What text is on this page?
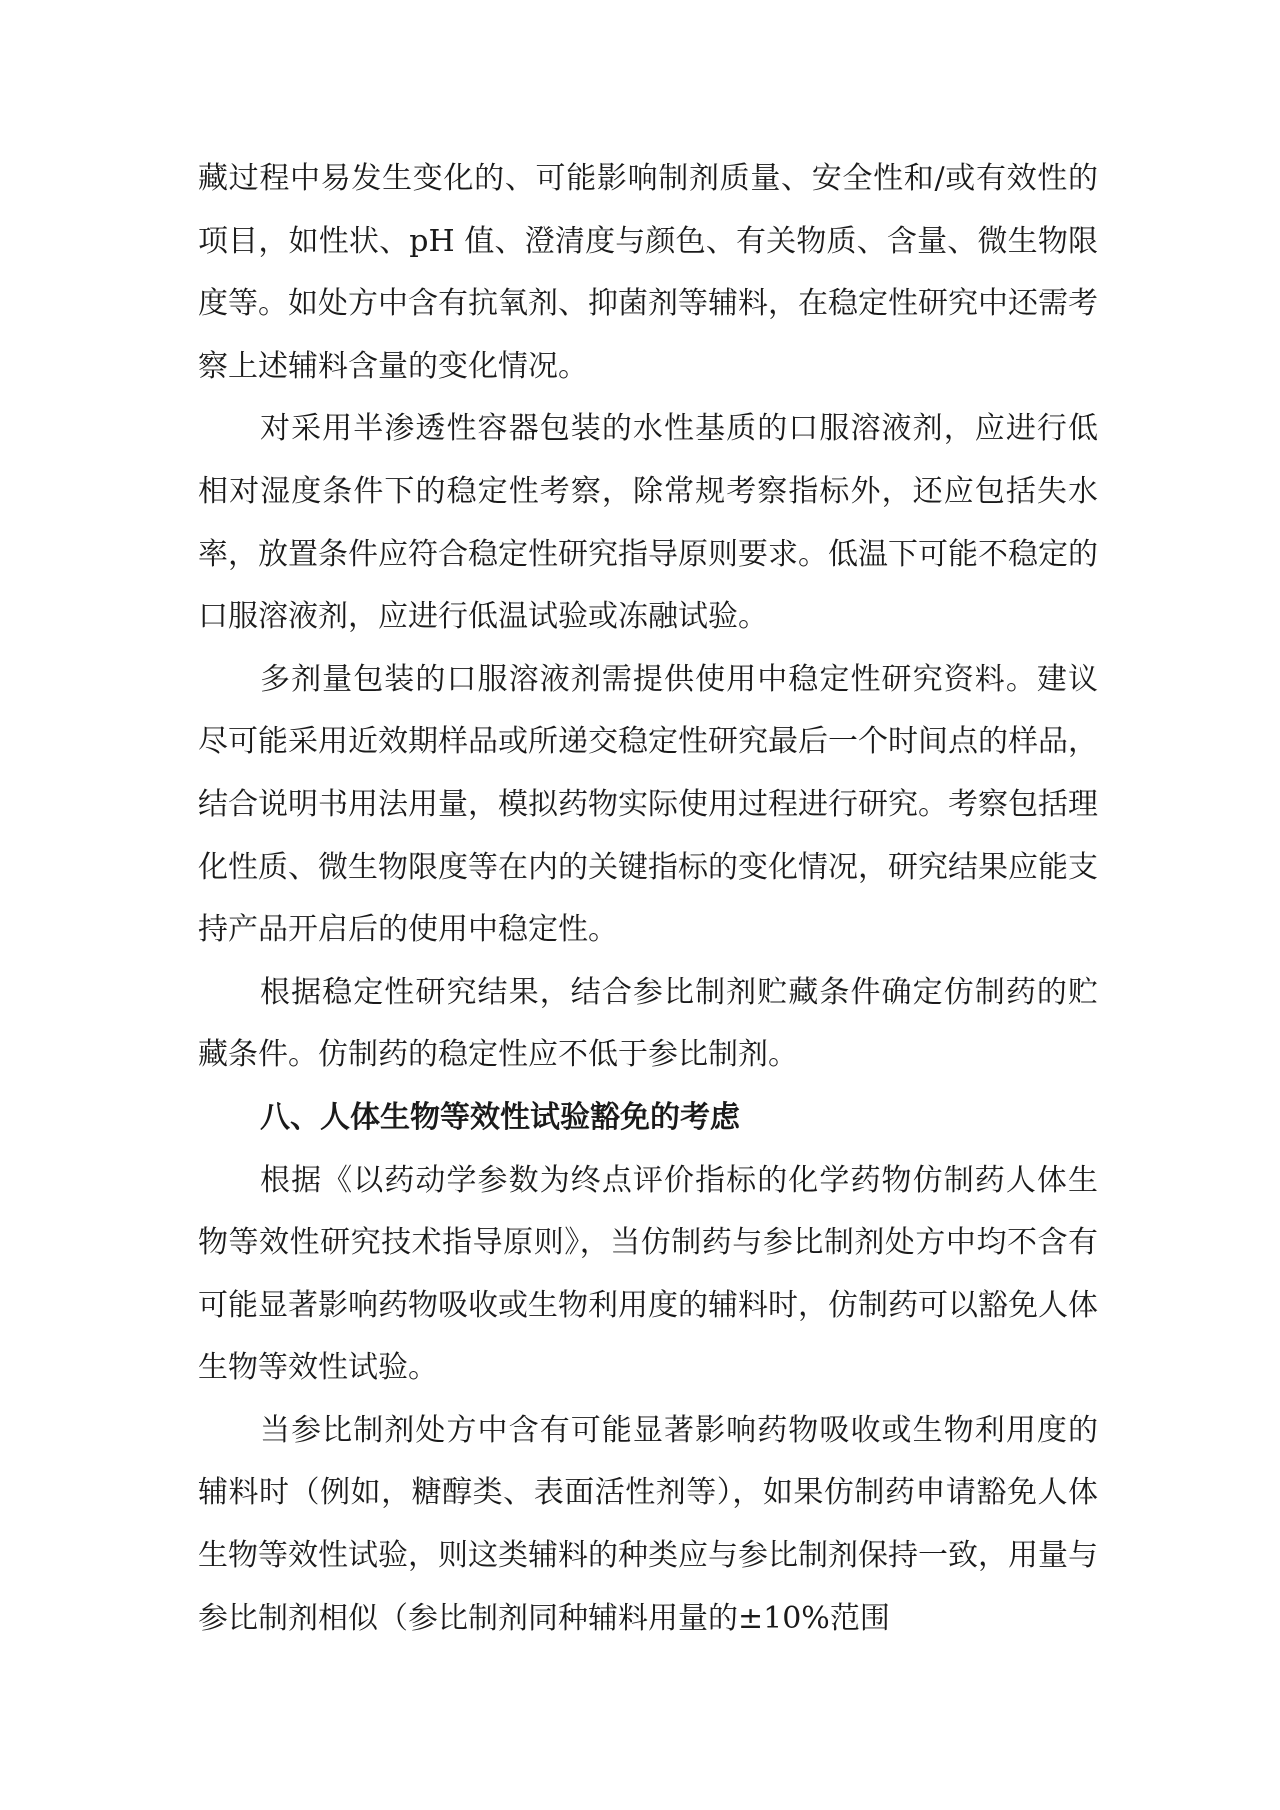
藏过程中易发生变化的、可能影响制剂质量、安全性和/或有效性的项目，如性状、pH 值、澄清度与颜色、有关物质、含量、微生物限度等。如处方中含有抗氧剂、抑菌剂等辅料，在稳定性研究中还需考察上述辅料含量的变化情况。

对采用半渗透性容器包装的水性基质的口服溶液剂，应进行低相对湿度条件下的稳定性考察，除常规考察指标外，还应包括失水率，放置条件应符合稳定性研究指导原则要求。低温下可能不稳定的口服溶液剂，应进行低温试验或冻融试验。

多剂量包装的口服溶液剂需提供使用中稳定性研究资料。建议尽可能采用近效期样品或所递交稳定性研究最后一个时间点的样品，结合说明书用法用量，模拟药物实际使用过程进行研究。考察包括理化性质、微生物限度等在内的关键指标的变化情况，研究结果应能支持产品开启后的使用中稳定性。

根据稳定性研究结果，结合参比制剂贮藏条件确定仿制药的贮藏条件。仿制药的稳定性应不低于参比制剂。

八、人体生物等效性试验豁免的考虑

根据《以药动学参数为终点评价指标的化学药物仿制药人体生物等效性研究技术指导原则》，当仿制药与参比制剂处方中均不含有可能显著影响药物吸收或生物利用度的辅料时，仿制药可以豁免人体生物等效性试验。

当参比制剂处方中含有可能显著影响药物吸收或生物利用度的辅料时（例如，糖醇类、表面活性剂等），如果仿制药申请豁免人体生物等效性试验，则这类辅料的种类应与参比制剂保持一致，用量与参比制剂相似（参比制剂同种辅料用量的±10%范围
